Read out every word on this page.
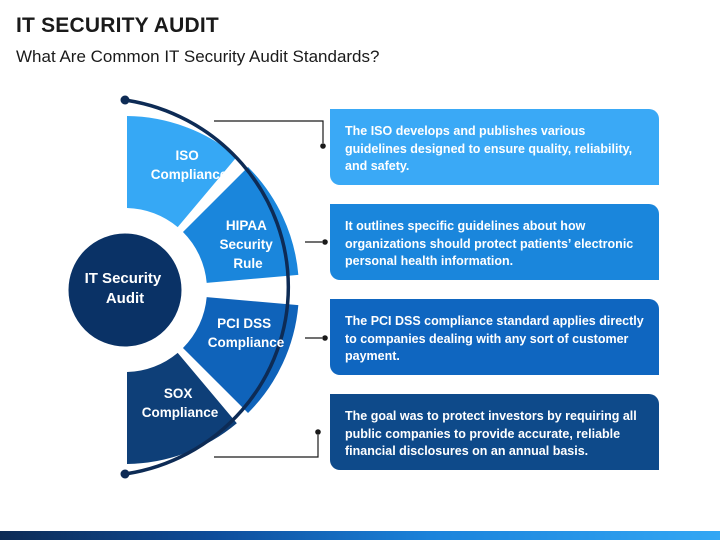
IT SECURITY AUDIT
What Are Common IT Security Audit Standards?
ISO Compliance
HIPAA Security Rule
PCI DSS Compliance
SOX Compliance
IT Security Audit
The ISO develops and publishes various guidelines designed to ensure quality, reliability, and safety.
It outlines specific guidelines about how organizations should protect patients’ electronic personal health information.
The PCI DSS compliance standard applies directly to companies dealing with any sort of customer payment.
The goal was to protect investors by requiring all public companies to provide accurate, reliable financial disclosures on an annual basis.
